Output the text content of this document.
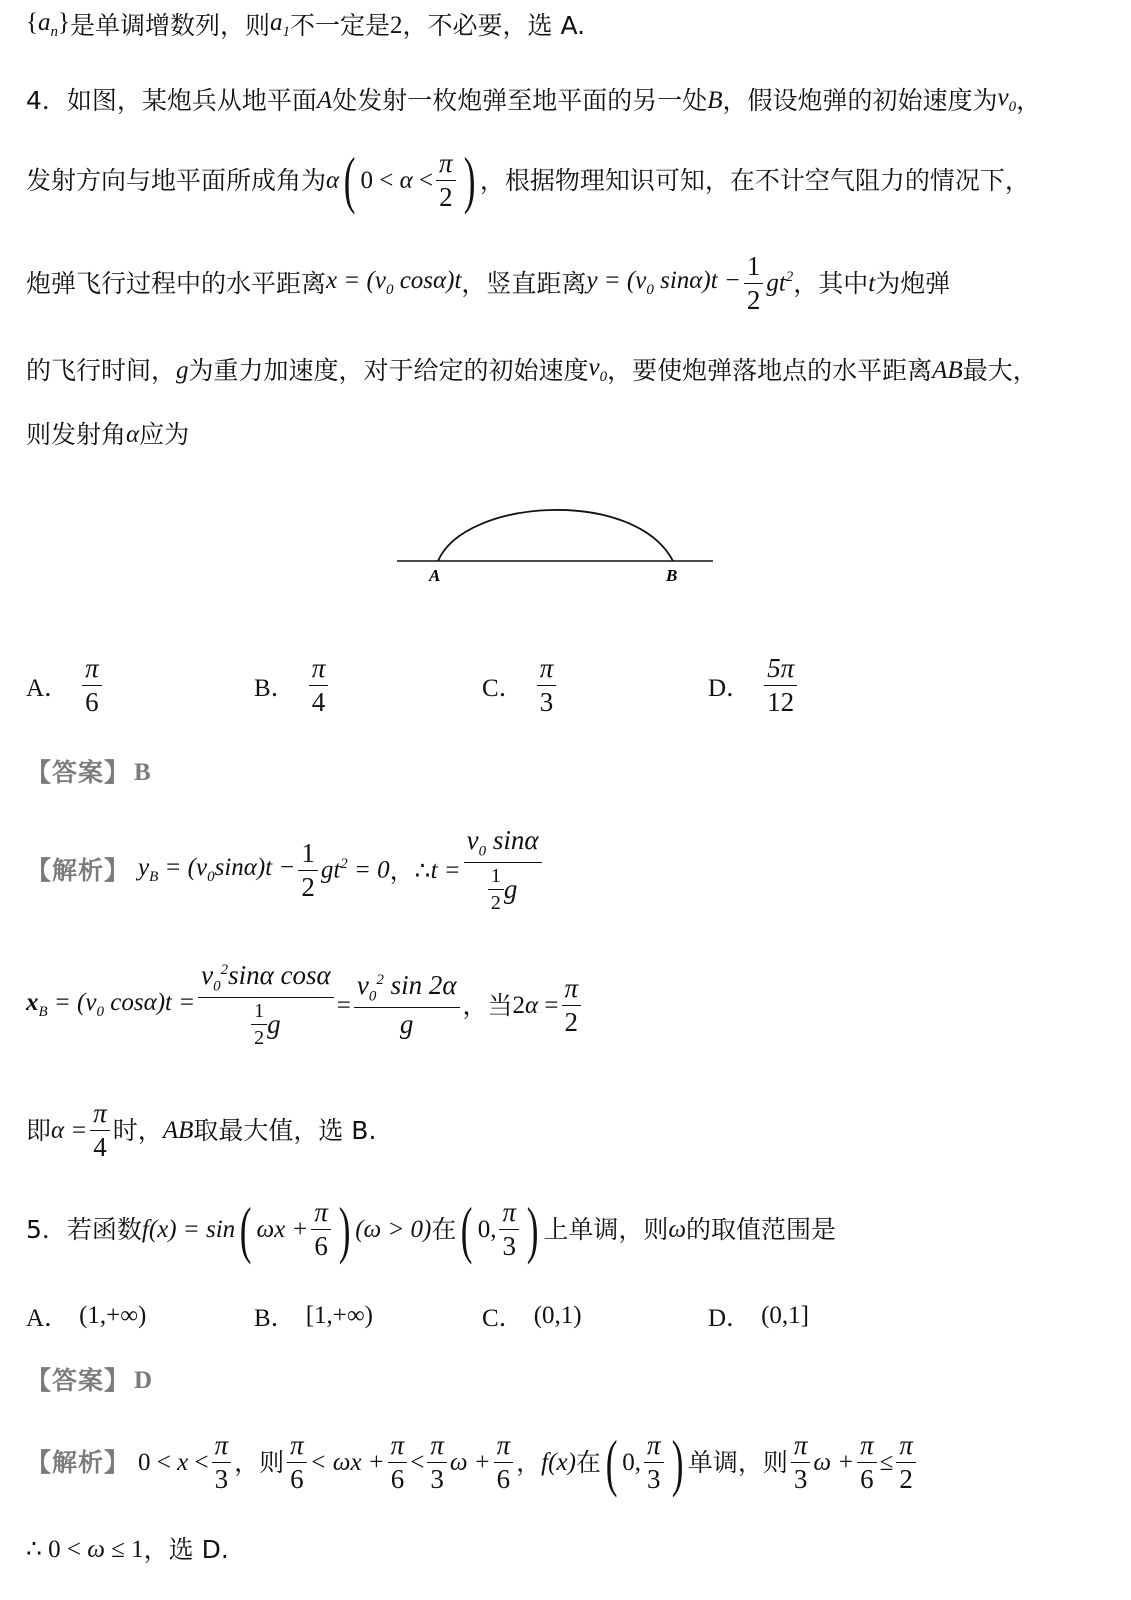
$\{a_n\}$ 是单调增数列，则 $a_1$ 不一定是 2 ，不必要，选 A.
4．如图，某炮兵从地平面 A 处发射一枚炮弹至地平面的另一处 B ，假设炮弹的初始速度为 $v_0$ ，
发射方向与地平面所成角为 α ( $0 < \alpha < \frac{\pi}{2}$ ) ，根据物理知识可知，在不计空气阻力的情况下，
炮弹飞行过程中的水平距离 $x = (v_0$ cosα)t ，竖直距离 $y = (v_0$ $\sin\alpha)t - \frac{1}{2} gt^2$ ，其中 t 为炮弹
的飞行时间， g 为重力加速度，对于给定的初始速度 $v_0$ ，要使炮弹落地点的水平距离 AB 最大，
则发射角 α 应为
A	B
A． $\frac{\pi}{6}$	B． $\frac{\pi}{4}$	C． $\frac{\pi}{3}$	D． $\frac{5\pi}{12}$
【答案】 B
【解析】 $y_B = (v_0\sin\alpha)t - \frac{1}{2} gt^2 = 0$ ，∴ $t = \frac{v_0 \sin\alpha}{\frac{1}{2} g}$
$x_B = (v_0$ $\cos\alpha)t = \frac{v_0^2\sin\alpha \cos\alpha}{\frac{1}{2} g} = \frac{v_0^2 \sin 2\alpha}{g}$ ，当 $2\alpha = \frac{\pi}{2}$
即 $\alpha = \frac{\pi}{4}$ 时， AB 取最大值，选 B.
5．若函数 f(x) = sin ( $\omega x + \frac{\pi}{6}$ ) (ω > 0) 在 ( 0, $\frac{\pi}{3}$ ) 上单调，则 ω 的取值范围是
A． (1,+∞)	B． [1,+∞)	C． (0,1)	D． (0,1]
【答案】 D
【解析】 $0 < x < \frac{\pi}{3}$ ，则 $\frac{\pi}{6} < \omega x + \frac{\pi}{6} < \frac{\pi}{3}$ $\omega + \frac{\pi}{6}$ ， f(x) 在 ( 0, $\frac{\pi}{3}$ ) 单调，则 $\frac{\pi}{3}$ $\omega + \frac{\pi}{6} \le \frac{\pi}{2}$
∴ 0 < ω ≤ 1 ，选 D.
